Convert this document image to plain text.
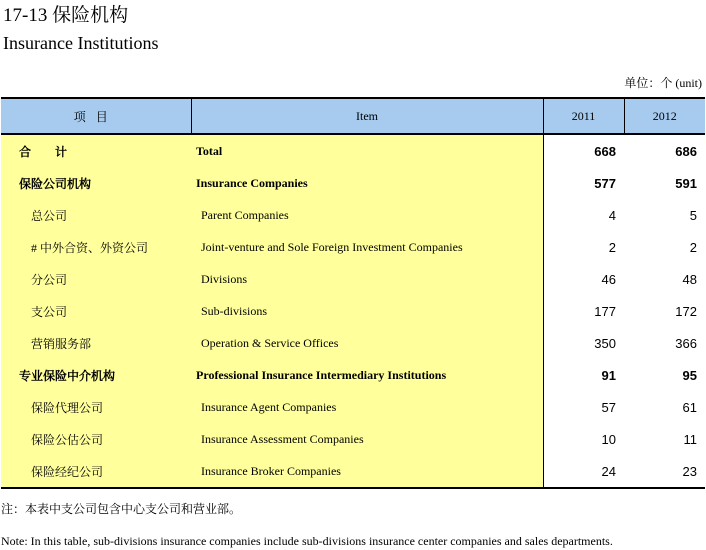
17-13 保险机构
Insurance Institutions
单位：个 (unit)
项目	Item	2011	2012
合　　计	Total	668	686
保险公司机构	Insurance Companies	577	591
总公司	Parent Companies	4	5
# 中外合资、外资公司	Joint-venture and Sole Foreign Investment Companies	2	2
分公司	Divisions	46	48
支公司	Sub-divisions	177	172
营销服务部	Operation & Service Offices	350	366
专业保险中介机构	Professional Insurance Intermediary Institutions	91	95
保险代理公司	Insurance Agent Companies	57	61
保险公估公司	Insurance Assessment Companies	10	11
保险经纪公司	Insurance Broker Companies	24	23
注：本表中支公司包含中心支公司和营业部。
Note: In this table, sub-divisions insurance companies include sub-divisions insurance center companies and sales departments.
